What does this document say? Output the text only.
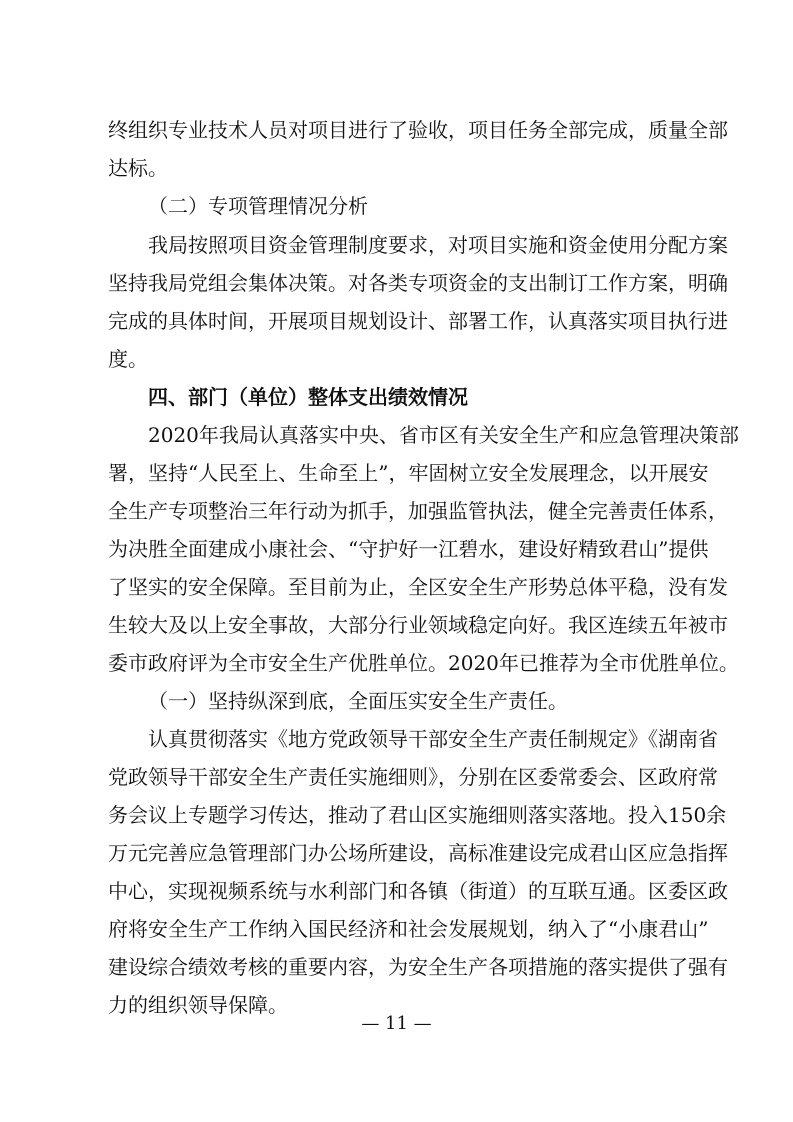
终组织专业技术人员对项目进行了验收，项目任务全部完成，质量全部
达标。
（二）专项管理情况分析
我局按照项目资金管理制度要求，对项目实施和资金使用分配方案
坚持我局党组会集体决策。对各类专项资金的支出制订工作方案，明确
完成的具体时间，开展项目规划设计、部署工作，认真落实项目执行进
度。
四、部门（单位）整体支出绩效情况
2020年我局认真落实中央、省市区有关安全生产和应急管理决策部
署，坚持“人民至上、生命至上”，牢固树立安全发展理念，以开展安
全生产专项整治三年行动为抓手，加强监管执法，健全完善责任体系，
为决胜全面建成小康社会、“守护好一江碧水，建设好精致君山”提供
了坚实的安全保障。至目前为止，全区安全生产形势总体平稳，没有发
生较大及以上安全事故，大部分行业领域稳定向好。我区连续五年被市
委市政府评为全市安全生产优胜单位。2020年已推荐为全市优胜单位。
（一）坚持纵深到底，全面压实安全生产责任。
认真贯彻落实《地方党政领导干部安全生产责任制规定》《湖南省
党政领导干部安全生产责任实施细则》，分别在区委常委会、区政府常
务会议上专题学习传达，推动了君山区实施细则落实落地。投入150余
万元完善应急管理部门办公场所建设，高标准建设完成君山区应急指挥
中心，实现视频系统与水利部门和各镇（街道）的互联互通。区委区政
府将安全生产工作纳入国民经济和社会发展规划，纳入了“小康君山”
建设综合绩效考核的重要内容，为安全生产各项措施的落实提供了强有
力的组织领导保障。
— 11 —
